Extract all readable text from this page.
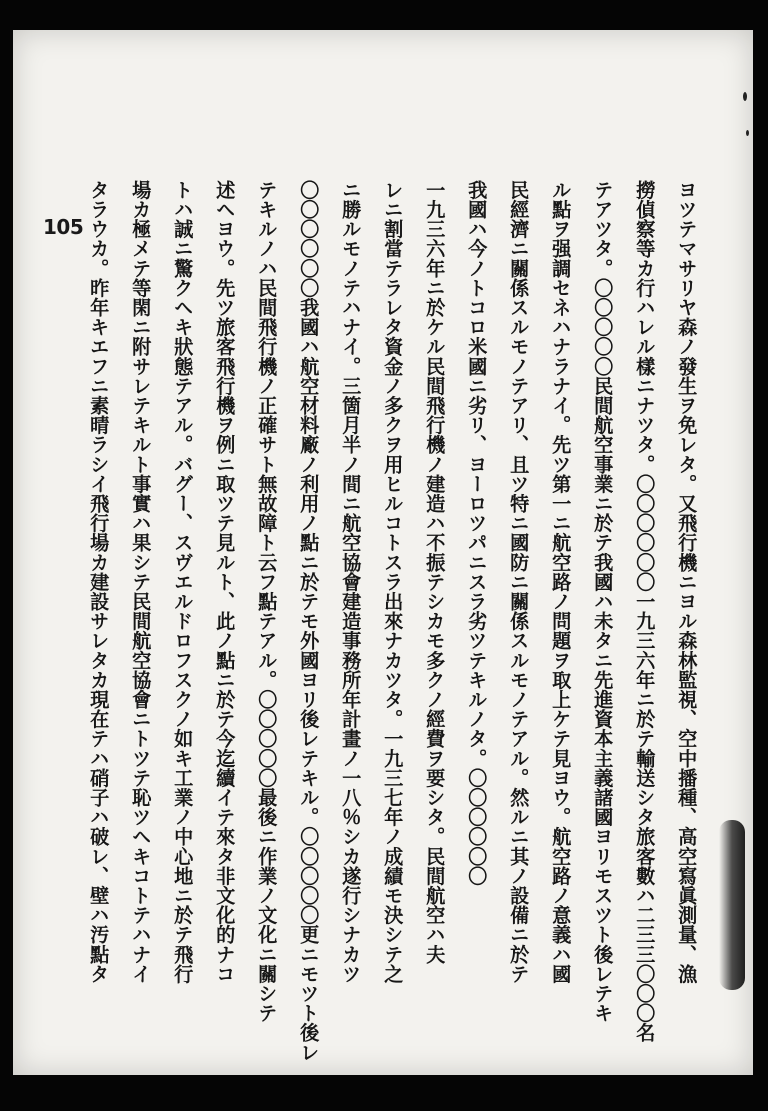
105	ヨツテマサリヤ森ノ發生ヲ免レタ。又飛行機ニヨル森林監視、空中播種、高空寫眞測量、漁
撈偵察等カ行ハレル樣ニナツタ。〇〇〇〇〇〇一九三六年ニ於テ輸送シタ旅客數ハ二三三〇〇〇名
テアツタ。〇〇〇〇〇民間航空事業ニ於テ我國ハ未タニ先進資本主義諸國ヨリモスツト後レテキ
ル點ヲ强調セネハナラナイ。先ツ第一ニ航空路ノ問題ヲ取上ケテ見ヨウ。航空路ノ意義ハ國
民經濟ニ關係スルモノテアリ、且ツ特ニ國防ニ關係スルモノテアル。然ルニ其ノ設備ニ於テ
我國ハ今ノトコロ米國ニ劣リ、ヨーロツパニスラ劣ツテキルノタ。〇〇〇〇〇〇
一九三六年ニ於ケル民間飛行機ノ建造ハ不振テシカモ多クノ經費ヲ要シタ。民間航空ハ夫
レニ割當テラレタ資金ノ多クヲ用ヒルコトスラ出來ナカツタ。一九三七年ノ成績モ決シテ之
ニ勝ルモノテハナイ。三箇月半ノ間ニ航空協會建造事務所年計畫ノ一八％シカ遂行シナカツ
〇〇〇〇〇〇我國ハ航空材料廠ノ利用ノ點ニ於テモ外國ヨリ後レテキル。〇〇〇〇〇更ニモツト後レ
テキルノハ民間飛行機ノ正確サト無故障ト云フ點テアル。〇〇〇〇〇最後ニ作業ノ文化ニ關シテ
述ヘヨウ。先ツ旅客飛行機ヲ例ニ取ツテ見ルト、此ノ點ニ於テ今迄續イテ來タ非文化的ナコ
トハ誠ニ驚クヘキ狀態テアル。バグー、スヴエルドロフスクノ如キ工業ノ中心地ニ於テ飛行
場カ極メテ等閑ニ附サレテキルト事實ハ果シテ民間航空協會ニトツテ恥ツヘキコトテハナイ
タラウカ。昨年キエフニ素晴ラシイ飛行場カ建設サレタカ現在テハ硝子ハ破レ、壁ハ汚點タ
